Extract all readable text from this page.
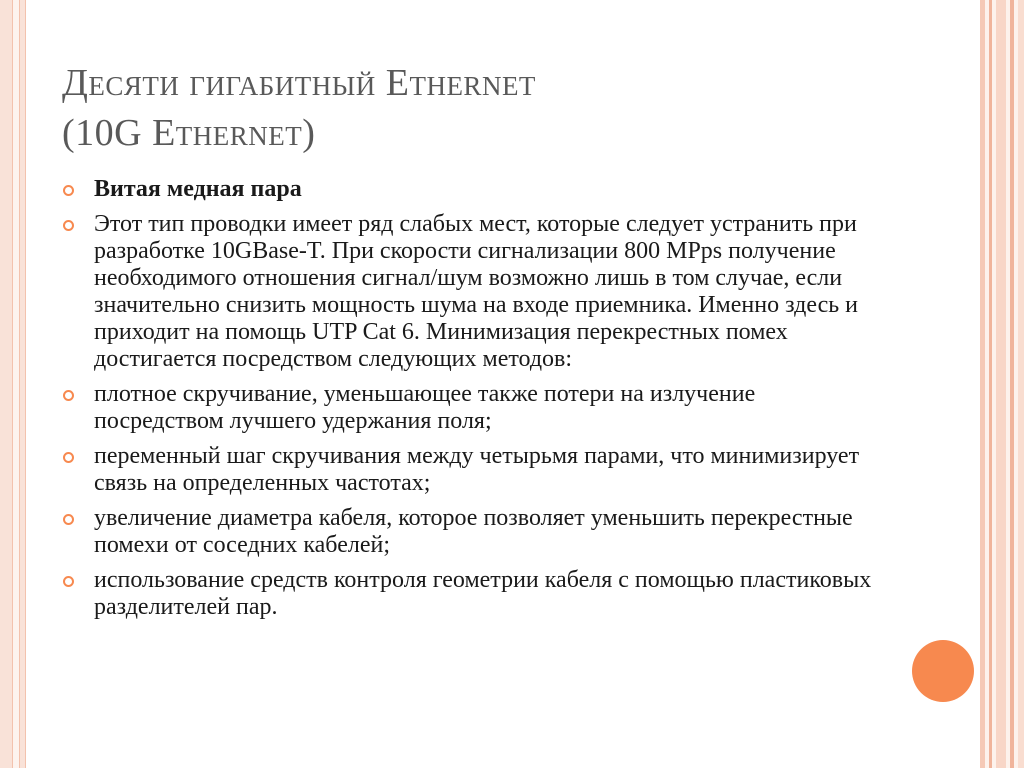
Десяти гигабитный Ethernet
(10G Ethernet)
Витая медная пара
Этот тип проводки имеет ряд слабых мест, которые следует устранить при разработке 10GBase-T. При скорости сигнализации 800 MPps получение необходимого отношения сигнал/шум возможно лишь в том случае, если значительно снизить мощность шума на входе приемника. Именно здесь и приходит на помощь UTP Cat 6. Минимизация перекрестных помех достигается посредством следующих методов:
плотное скручивание, уменьшающее также потери на излучение посредством лучшего удержания поля;
переменный шаг скручивания между четырьмя парами, что минимизирует связь на определенных частотах;
увеличение диаметра кабеля, которое позволяет уменьшить перекрестные помехи от соседних кабелей;
использование средств контроля геометрии кабеля с помощью пластиковых разделителей пар.
